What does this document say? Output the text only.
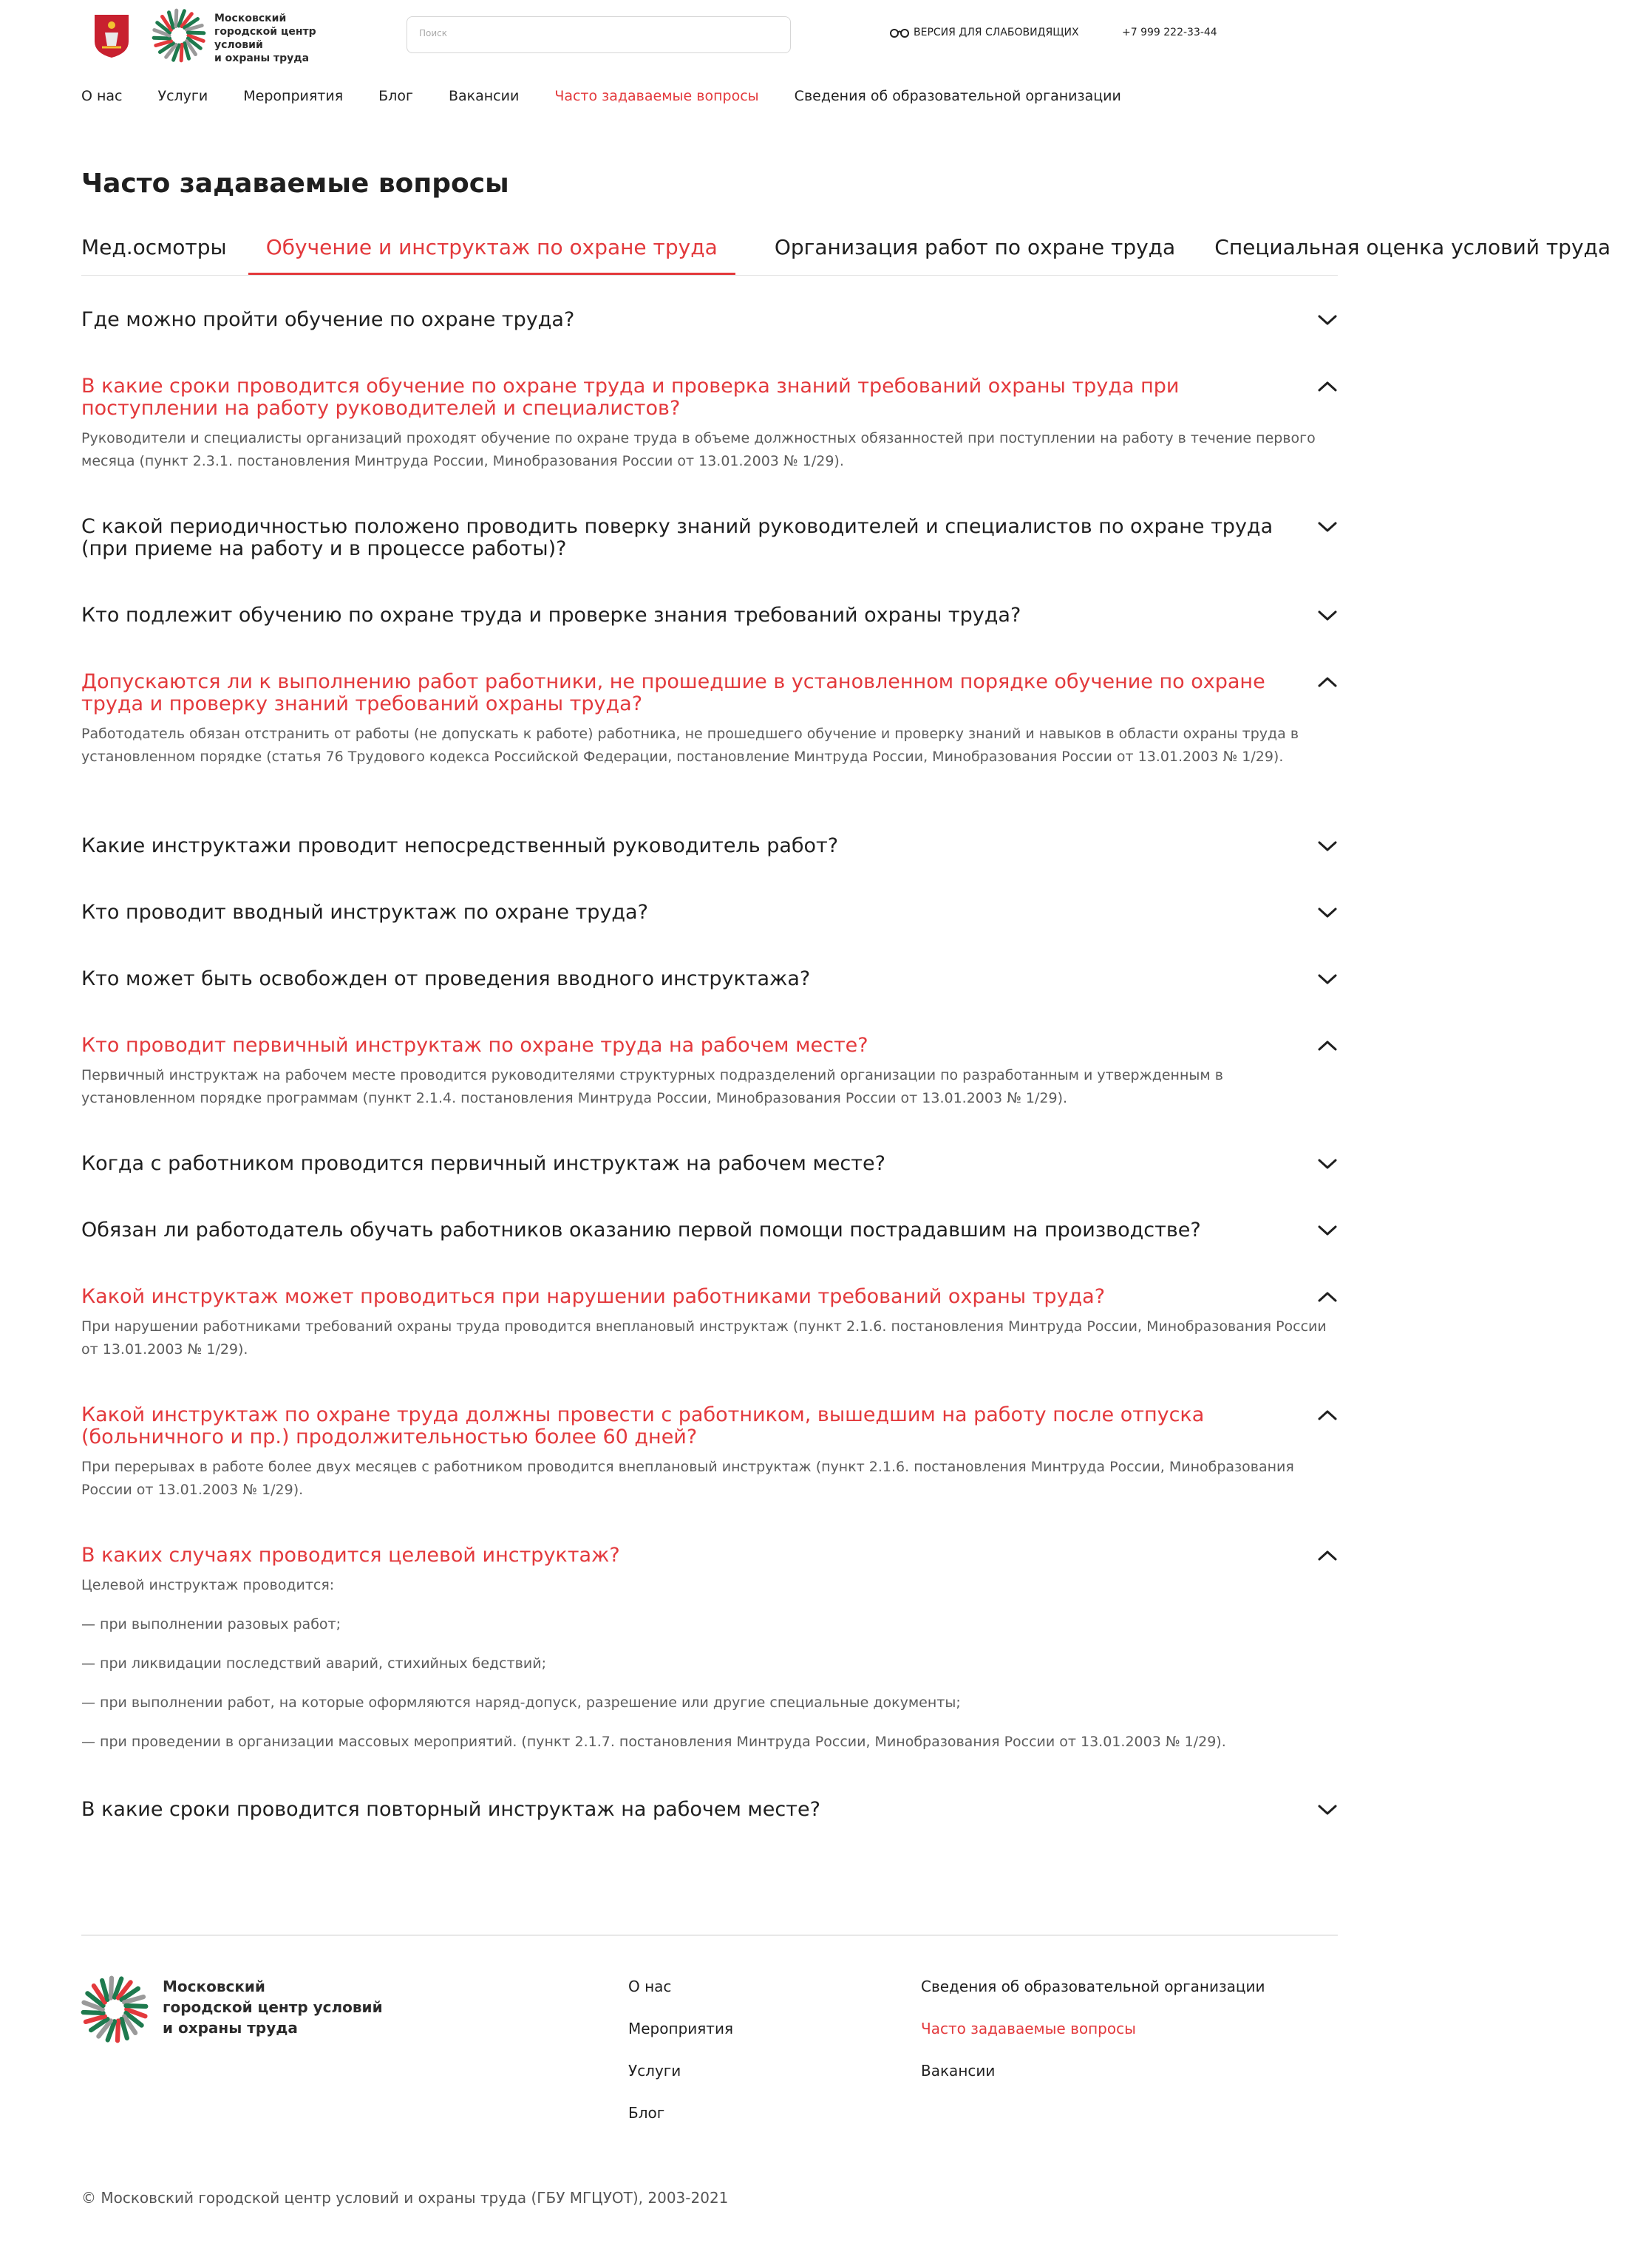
Московский
городской центр условий
и охраны труда
Поиск
ВЕРСИЯ ДЛЯ СЛАБОВИДЯЩИХ	+7 999 222-33-44
О нас	Услуги	Мероприятия	Блог	Вакансии	Часто задаваемые вопросы	Сведения об образовательной организации
Часто задаваемые вопросы
Мед.осмотры Обучение и инструктаж по охране труда	Организация работ по охране труда Специальная оценка условий труда
Где можно пройти обучение по охране труда?
В какие сроки проводится обучение по охране труда и проверка знаний требований охраны труда при поступлении на работу руководителей и специалистов?

Руководители и специалисты организаций проходят обучение по охране труда в объеме должностных обязанностей при поступлении на работу в течение первого месяца (пункт 2.3.1. постановления Минтруда России, Минобразования России от 13.01.2003 № 1/29).

С какой периодичностью положено проводить поверку знаний руководителей и специалистов по охране труда (при приеме на работу и в процессе работы)?
Кто подлежит обучению по охране труда и проверке знания требований охраны труда?
Допускаются ли к выполнению работ работники, не прошедшие в установленном порядке обучение по охране труда и проверку знаний требований охраны труда?

Работодатель обязан отстранить от работы (не допускать к работе) работника, не прошедшего обучение и проверку знаний и навыков в области охраны труда в установленном порядке (статья 76 Трудового кодекса Российской Федерации, постановление Минтруда России, Минобразования России от 13.01.2003 № 1/29).

Какие инструктажи проводит непосредственный руководитель работ?
Кто проводит вводный инструктаж по охране труда?
Кто может быть освобожден от проведения вводного инструктажа?
Кто проводит первичный инструктаж по охране труда на рабочем месте?

Первичный инструктаж на рабочем месте проводится руководителями структурных подразделений организации по разработанным и утвержденным в установленном порядке программам (пункт 2.1.4. постановления Минтруда России, Минобразования России от 13.01.2003 № 1/29).

Когда с работником проводится первичный инструктаж на рабочем месте?
Обязан ли работодатель обучать работников оказанию первой помощи пострадавшим на производстве?
Какой инструктаж может проводиться при нарушении работниками требований охраны труда?

При нарушении работниками требований охраны труда проводится внеплановый инструктаж (пункт 2.1.6. постановления Минтруда России, Минобразования России от 13.01.2003 № 1/29).

Какой инструктаж по охране труда должны провести с работником, вышедшим на работу после отпуска (больничного и пр.) продолжительностью более 60 дней?

При перерывах в работе более двух месяцев с работником проводится внеплановый инструктаж (пункт 2.1.6. постановления Минтруда России, Минобразования России от 13.01.2003 № 1/29).

В каких случаях проводится целевой инструктаж?

Целевой инструктаж проводится:

— при выполнении разовых работ;

— при ликвидации последствий аварий, стихийных бедствий;

— при выполнении работ, на которые оформляются наряд-допуск, разрешение или другие специальные документы;

— при проведении в организации массовых мероприятий. (пункт 2.1.7. постановления Минтруда России, Минобразования России от 13.01.2003 № 1/29).

В какие сроки проводится повторный инструктаж на рабочем месте?
Московский
городской центр условий
и охраны труда
О нас
Мероприятия
Услуги
Блог
Сведения об образовательной организации
Часто задаваемые вопросы
Вакансии
© Московский городской центр условий и охраны труда (ГБУ МГЦУОТ), 2003-2021
